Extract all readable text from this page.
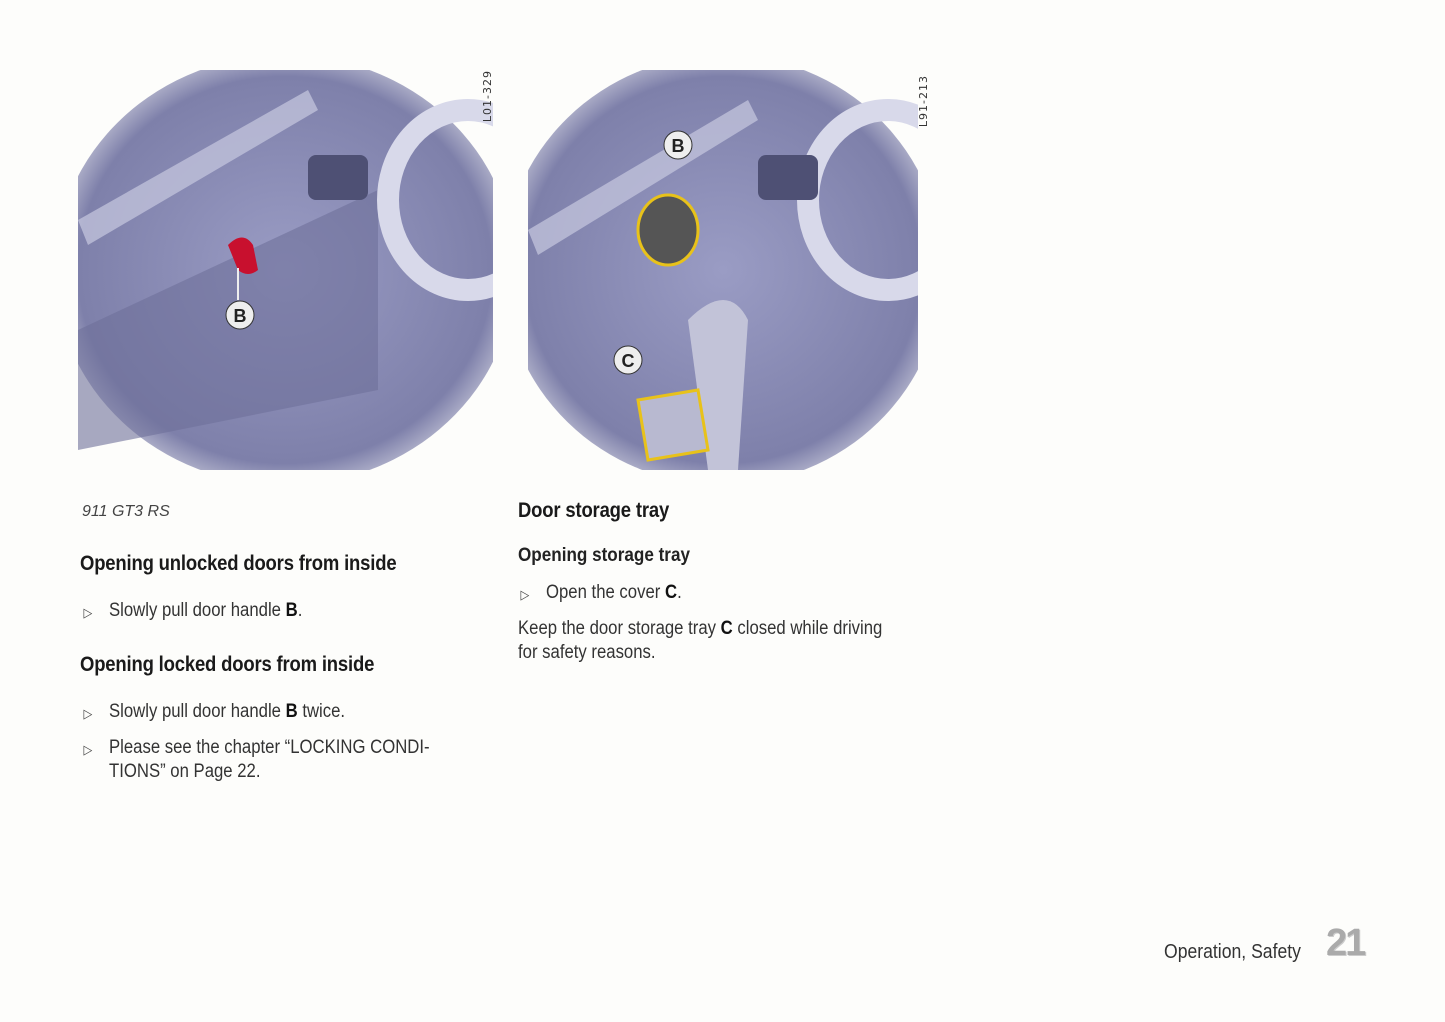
B
L01-329
B
C
L91-213
911 GT3 RS
Opening unlocked doors from inside
▷ Slowly pull door handle B.
Opening locked doors from inside
▷ Slowly pull door handle B twice.
▷ Please see the chapter “LOCKING CONDI-
TIONS” on Page 22.
Door storage tray
Opening storage tray
▷ Open the cover C.
Keep the door storage tray C closed while driving
for safety reasons.
Operation, Safety 21
